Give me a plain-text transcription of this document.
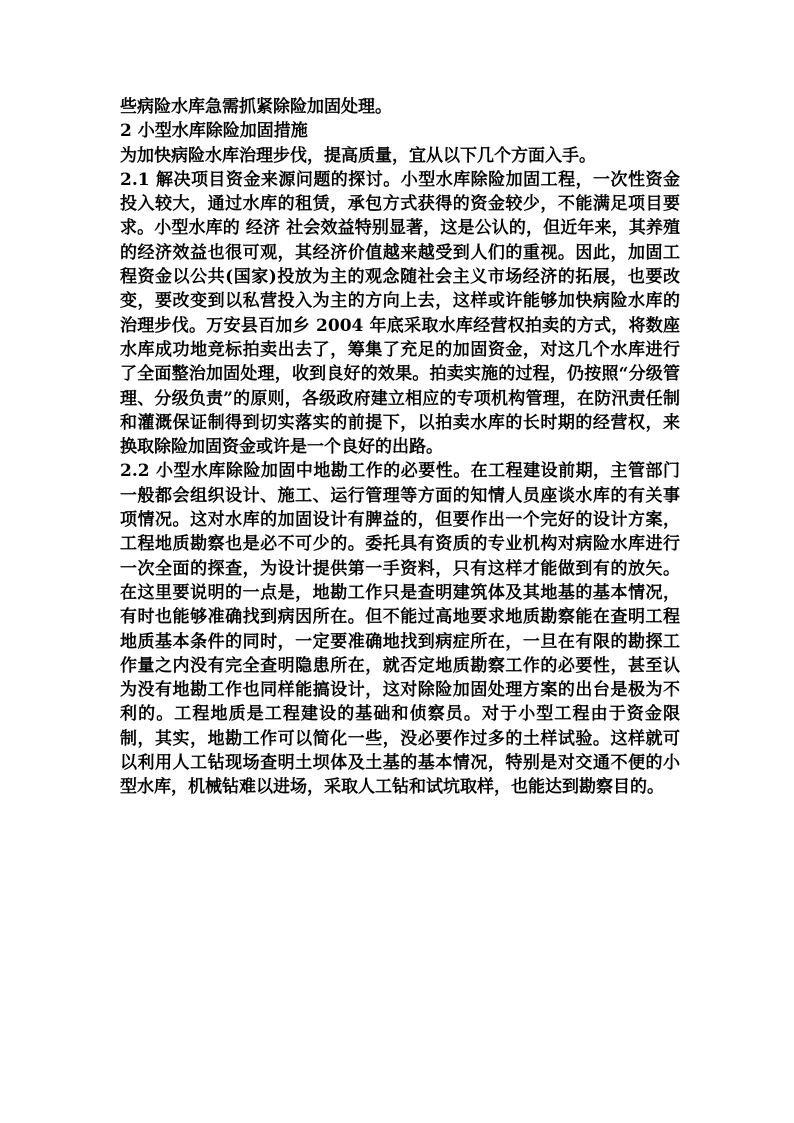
些病险水库急需抓紧除险加固处理。

2 小型水库除险加固措施

为加快病险水库治理步伐，提高质量，宜从以下几个方面入手。

2.1 解决项目资金来源问题的探讨。小型水库除险加固工程，一次性资金投入较大，通过水库的租赁，承包方式获得的资金较少，不能满足项目要求。小型水库的 经济 社会效益特别显著，这是公认的，但近年来，其养殖的经济效益也很可观，其经济价值越来越受到人们的重视。因此，加固工程资金以公共(国家)投放为主的观念随社会主义市场经济的拓展，也要改变，要改变到以私营投入为主的方向上去，这样或许能够加快病险水库的治理步伐。万安县百加乡 2004 年底采取水库经营权拍卖的方式，将数座水库成功地竞标拍卖出去了，筹集了充足的加固资金，对这几个水库进行了全面整治加固处理，收到良好的效果。拍卖实施的过程，仍按照“分级管理、分级负责”的原则，各级政府建立相应的专项机构管理，在防汛责任制和灌溉保证制得到切实落实的前提下，以拍卖水库的长时期的经营权，来换取除险加固资金或许是一个良好的出路。

2.2 小型水库除险加固中地勘工作的必要性。在工程建设前期，主管部门一般都会组织设计、施工、运行管理等方面的知情人员座谈水库的有关事项情况。这对水库的加固设计有脾益的，但要作出一个完好的设计方案，工程地质勘察也是必不可少的。委托具有资质的专业机构对病险水库进行一次全面的探查，为设计提供第一手资料，只有这样才能做到有的放矢。在这里要说明的一点是，地勘工作只是查明建筑体及其地基的基本情况，有时也能够准确找到病因所在。但不能过高地要求地质勘察能在查明工程地质基本条件的同时，一定要准确地找到病症所在，一旦在有限的勘探工作量之内没有完全查明隐患所在，就否定地质勘察工作的必要性，甚至认为没有地勘工作也同样能搞设计，这对除险加固处理方案的出台是极为不利的。工程地质是工程建设的基础和侦察员。对于小型工程由于资金限制，其实，地勘工作可以简化一些，没必要作过多的土样试验。这样就可以利用人工钻现场查明土坝体及土基的基本情况，特别是对交通不便的小型水库，机械钻难以进场，采取人工钻和试坑取样，也能达到勘察目的。
